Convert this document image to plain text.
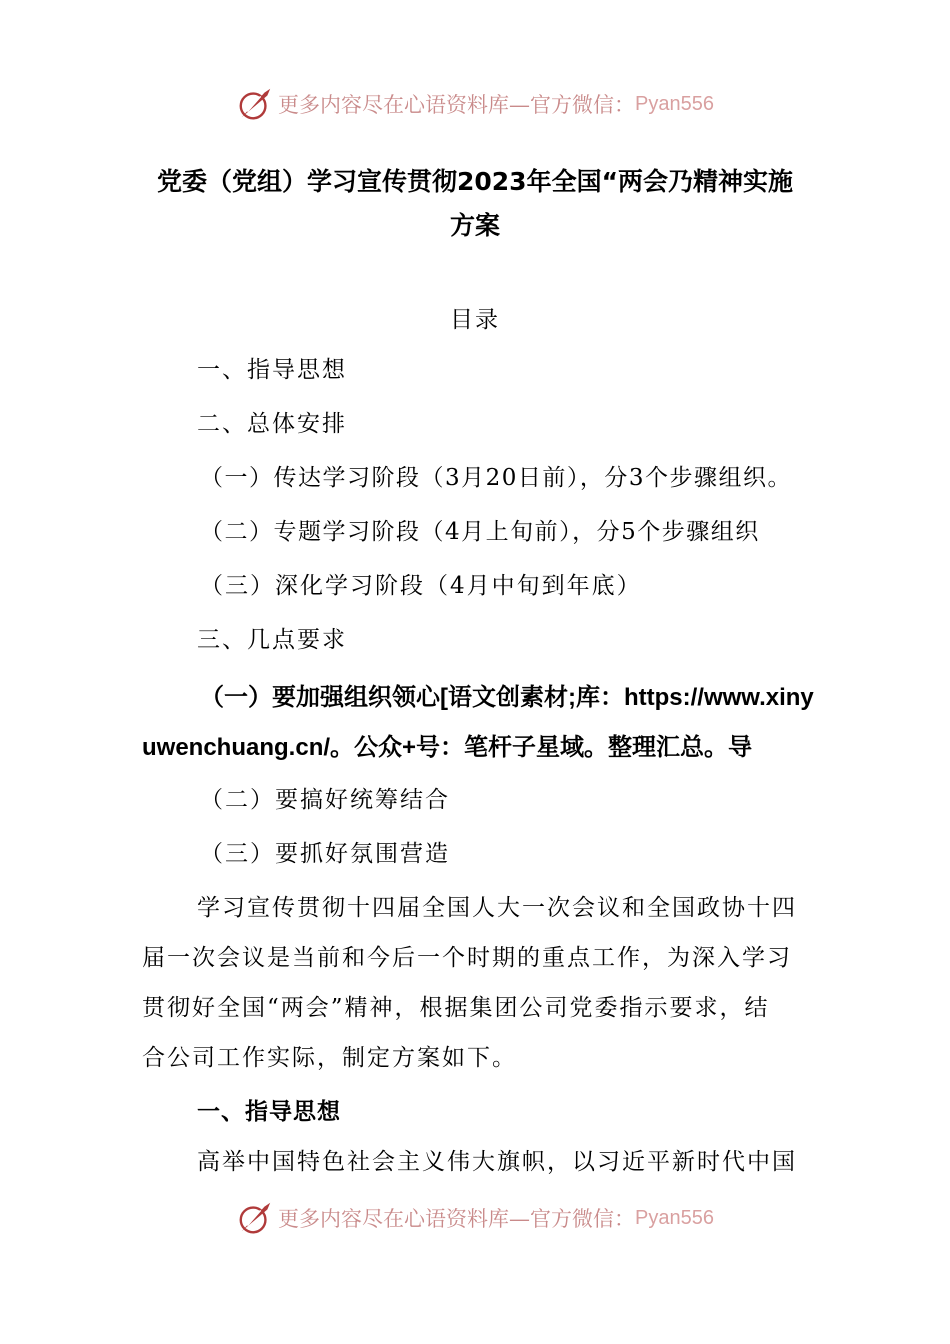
更多内容尽在心语资料库—官方微信： Pyan556
党委（党组）学习宣传贯彻2023年全国“两会乃精神实施
方案
目录
一、指导思想
二、总体安排
（一）传达学习阶段（3月20日前），分3个步骤组织。
（二）专题学习阶段（4月上旬前），分5个步骤组织
（三）深化学习阶段（4月中旬到年底）
三、几点要求
（一）要加强组织领心[语文创素材;库：https://www.xiny
uwenchuang.cn/。公众+号：笔杆子星域。整理汇总。导
（二）要搞好统筹结合
（三）要抓好氛围营造
学习宣传贯彻十四届全国人大一次会议和全国政协十四
届一次会议是当前和今后一个时期的重点工作，为深入学习
贯彻好全国“两会”精神，根据集团公司党委指示要求，结
合公司工作实际，制定方案如下。
一、指导思想
高举中国特色社会主义伟大旗帜，以习近平新时代中国
更多内容尽在心语资料库—官方微信： Pyan556
